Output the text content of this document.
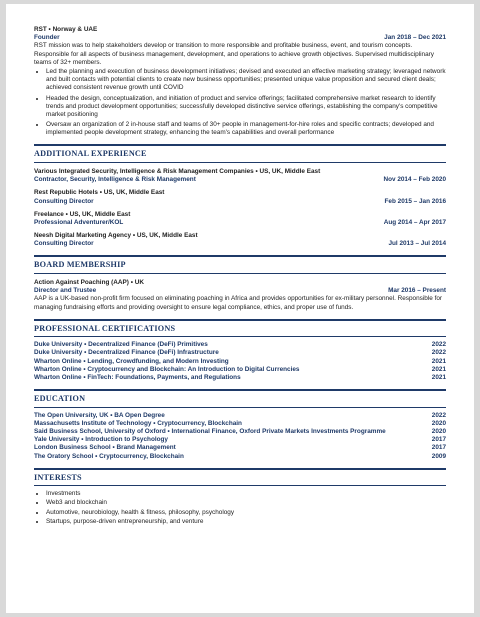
RST • Norway & UAE
Founder	Jan 2018 – Dec 2021

RST mission was to help stakeholders develop or transition to more responsible and profitable business, event, and tourism concepts. Responsible for all aspects of business management, development, and operations to achieve growth objectives. Supervised multidisciplinary teams of 32+ members.

• Led the planning and execution of business development initiatives; devised and executed an effective marketing strategy; leveraged network and built contacts with potential clients to create new business opportunities; presented unique value proposition and secured client deals; achieved consistent revenue growth until COVID
• Headed the design, conceptualization, and initiation of product and service offerings; facilitated comprehensive market research to identify trends and product development opportunities; successfully developed distinctive service offerings, establishing the company's competitive market positioning
• Oversaw an organization of 2 in-house staff and teams of 30+ people in management-for-hire roles and specific contracts; developed and implemented people development strategy, enhancing the team's capabilities and overall performance
ADDITIONAL EXPERIENCE
Various Integrated Security, Intelligence & Risk Management Companies • US, UK, Middle East
Contractor, Security, Intelligence & Risk Management	Nov 2014 – Feb 2020
Rest Republic Hotels • US, UK, Middle East
Consulting Director	Feb 2015 – Jan 2016
Freelance • US, UK, Middle East
Professional Adventurer/KOL	Aug 2014 – Apr 2017
Neesh Digital Marketing Agency • US, UK, Middle East
Consulting Director	Jul 2013 – Jul 2014
BOARD MEMBERSHIP
Action Against Poaching (AAP) • UK
Director and Trustee	Mar 2016 – Present

AAP is a UK-based non-profit firm focused on eliminating poaching in Africa and provides opportunities for ex-military personnel. Responsible for managing fundraising efforts and providing oversight to ensure legal compliance, ethics, and proper use of funds.

PROFESSIONAL CERTIFICATIONS
Duke University • Decentralized Finance (DeFi) Primitives	2022
Duke University • Decentralized Finance (DeFi) Infrastructure	2022
Wharton Online • Lending, Crowdfunding, and Modern Investing	2021
Wharton Online • Cryptocurrency and Blockchain: An Introduction to Digital Currencies	2021
Wharton Online • FinTech: Foundations, Payments, and Regulations	2021
EDUCATION
The Open University, UK • BA Open Degree	2022
Massachusetts Institute of Technology • Cryptocurrency, Blockchain	2020
Said Business School, University of Oxford • International Finance, Oxford Private Markets Investments Programme	2020
Yale University • Introduction to Psychology	2017
London Business School • Brand Management	2017
The Oratory School • Cryptocurrency, Blockchain	2009
INTERESTS
• Investments
• Web3 and blockchain
• Automotive, neurobiology, health & fitness, philosophy, psychology
• Startups, purpose-driven entrepreneurship, and venture
